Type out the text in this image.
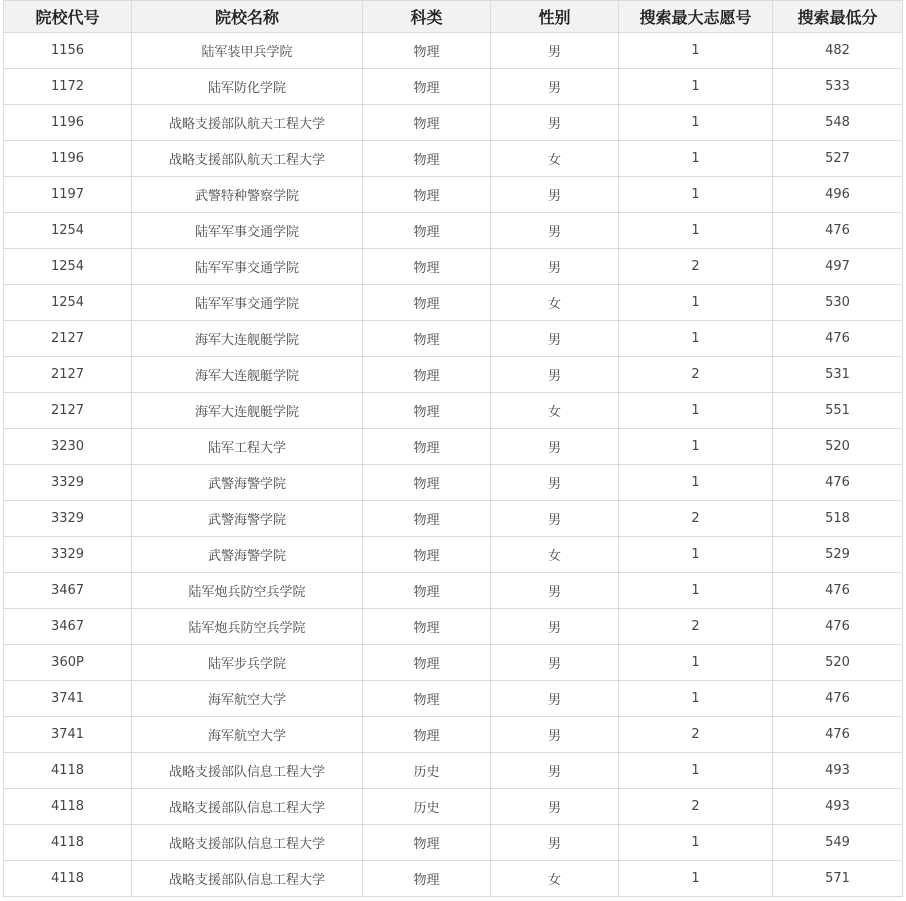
院校代号	院校名称	科类	性别	搜索最大志愿号	搜索最低分
1156	陆军装甲兵学院	物理	男	1	482
1172	陆军防化学院	物理	男	1	533
1196	战略支援部队航天工程大学	物理	男	1	548
1196	战略支援部队航天工程大学	物理	女	1	527
1197	武警特种警察学院	物理	男	1	496
1254	陆军军事交通学院	物理	男	1	476
1254	陆军军事交通学院	物理	男	2	497
1254	陆军军事交通学院	物理	女	1	530
2127	海军大连舰艇学院	物理	男	1	476
2127	海军大连舰艇学院	物理	男	2	531
2127	海军大连舰艇学院	物理	女	1	551
3230	陆军工程大学	物理	男	1	520
3329	武警海警学院	物理	男	1	476
3329	武警海警学院	物理	男	2	518
3329	武警海警学院	物理	女	1	529
3467	陆军炮兵防空兵学院	物理	男	1	476
3467	陆军炮兵防空兵学院	物理	男	2	476
360P	陆军步兵学院	物理	男	1	520
3741	海军航空大学	物理	男	1	476
3741	海军航空大学	物理	男	2	476
4118	战略支援部队信息工程大学	历史	男	1	493
4118	战略支援部队信息工程大学	历史	男	2	493
4118	战略支援部队信息工程大学	物理	男	1	549
4118	战略支援部队信息工程大学	物理	女	1	571
